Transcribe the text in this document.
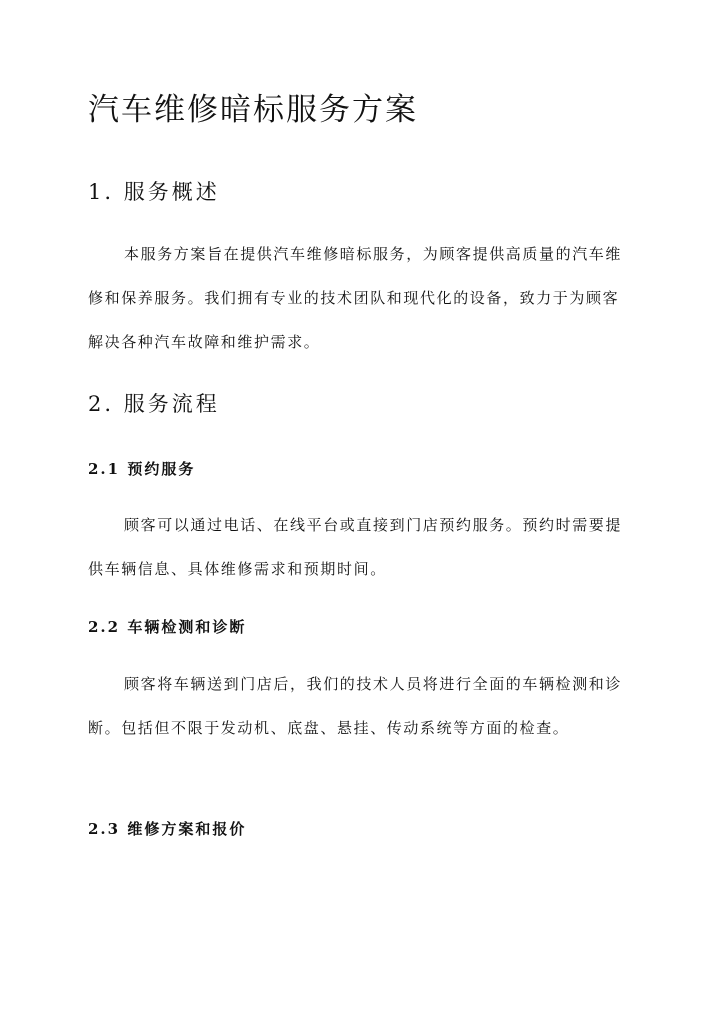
汽车维修暗标服务方案
1. 服务概述

本服务方案旨在提供汽车维修暗标服务，为顾客提供高质量的汽车维修和保养服务。我们拥有专业的技术团队和现代化的设备，致力于为顾客解决各种汽车故障和维护需求。

2. 服务流程
2.1 预约服务

顾客可以通过电话、在线平台或直接到门店预约服务。预约时需要提供车辆信息、具体维修需求和预期时间。

2.2 车辆检测和诊断

顾客将车辆送到门店后，我们的技术人员将进行全面的车辆检测和诊断。包括但不限于发动机、底盘、悬挂、传动系统等方面的检查。

2.3 维修方案和报价
